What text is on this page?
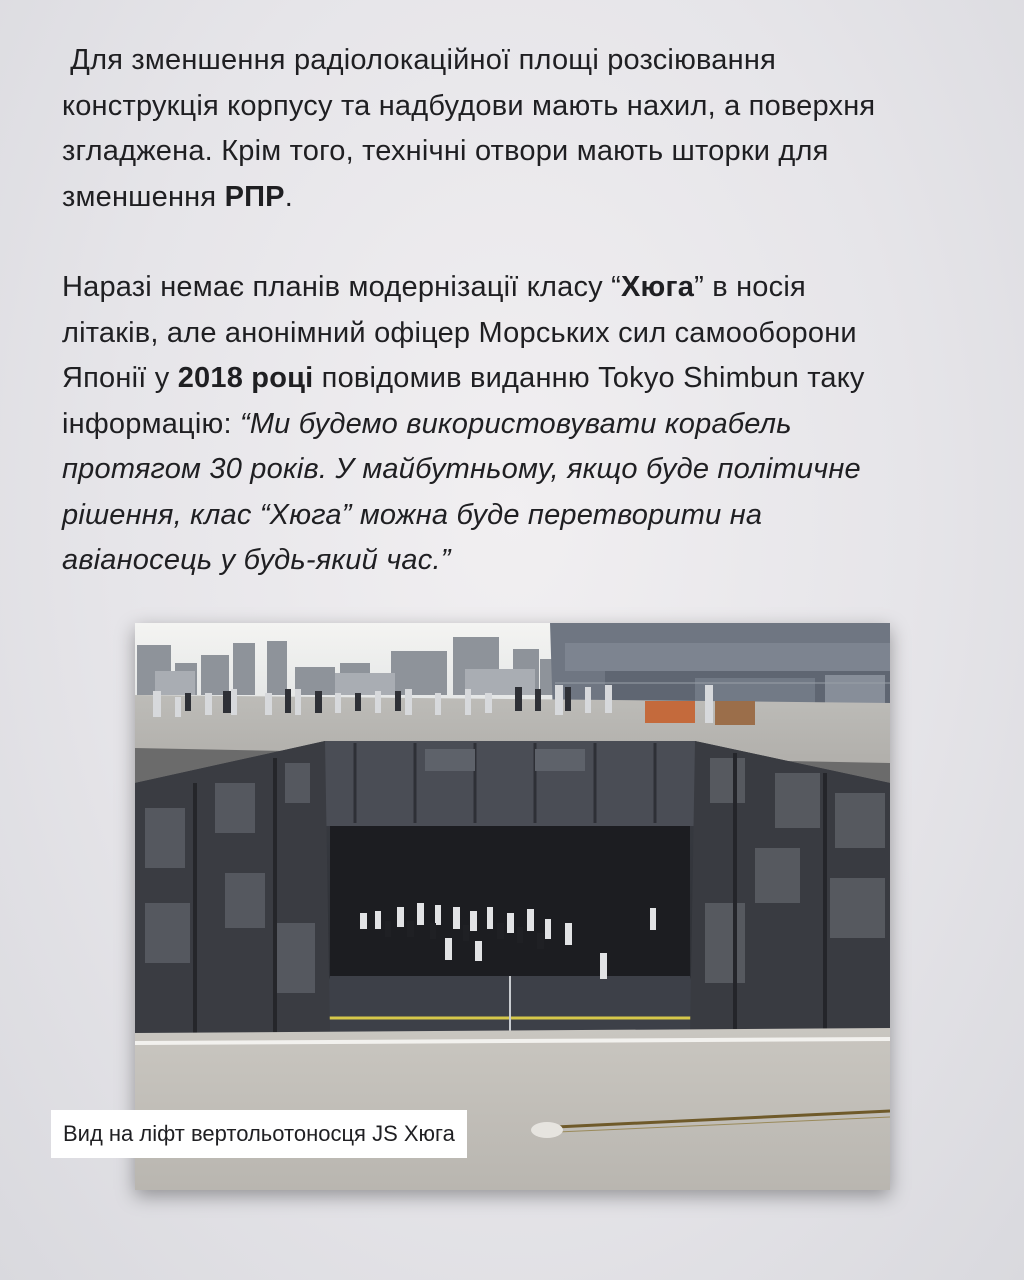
Для зменшення радіолокаційної площі розсіювання

конструкція корпусу та надбудови мають нахил, а поверхня

згладжена. Крім того, технічні отвори мають шторки для

зменшення РПР.

Наразі немає планів модернізації класу “Хюга” в носія

літаків, але анонімний офіцер Морських сил самооборони

Японії у 2018 році повідомив виданню Tokyo Shimbun таку

інформацію: “Ми будемо використовувати корабель

протягом 30 років. У майбутньому, якщо буде політичне

рішення, клас “Хюга” можна буде перетворити на

авіаносець у будь-який час.”

Вид на ліфт вертольотоносця JS Хюга
